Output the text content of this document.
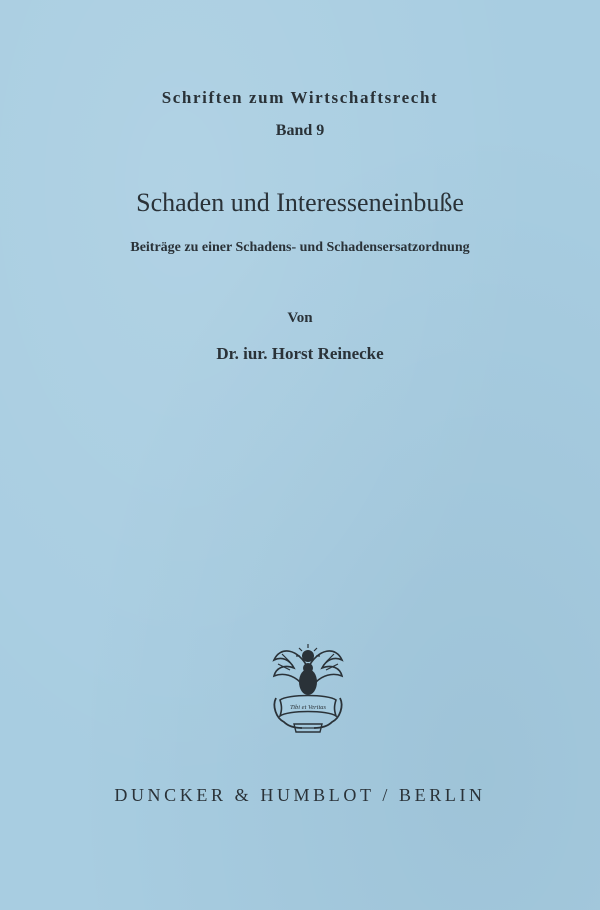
Schriften zum Wirtschaftsrecht
Band 9
Schaden und Interesseneinbuße
Beiträge zu einer Schadens- und Schadensersatzordnung
Von
Dr. iur. Horst Reinecke
Tibi et Veritas
DUNCKER & HUMBLOT / BERLIN
